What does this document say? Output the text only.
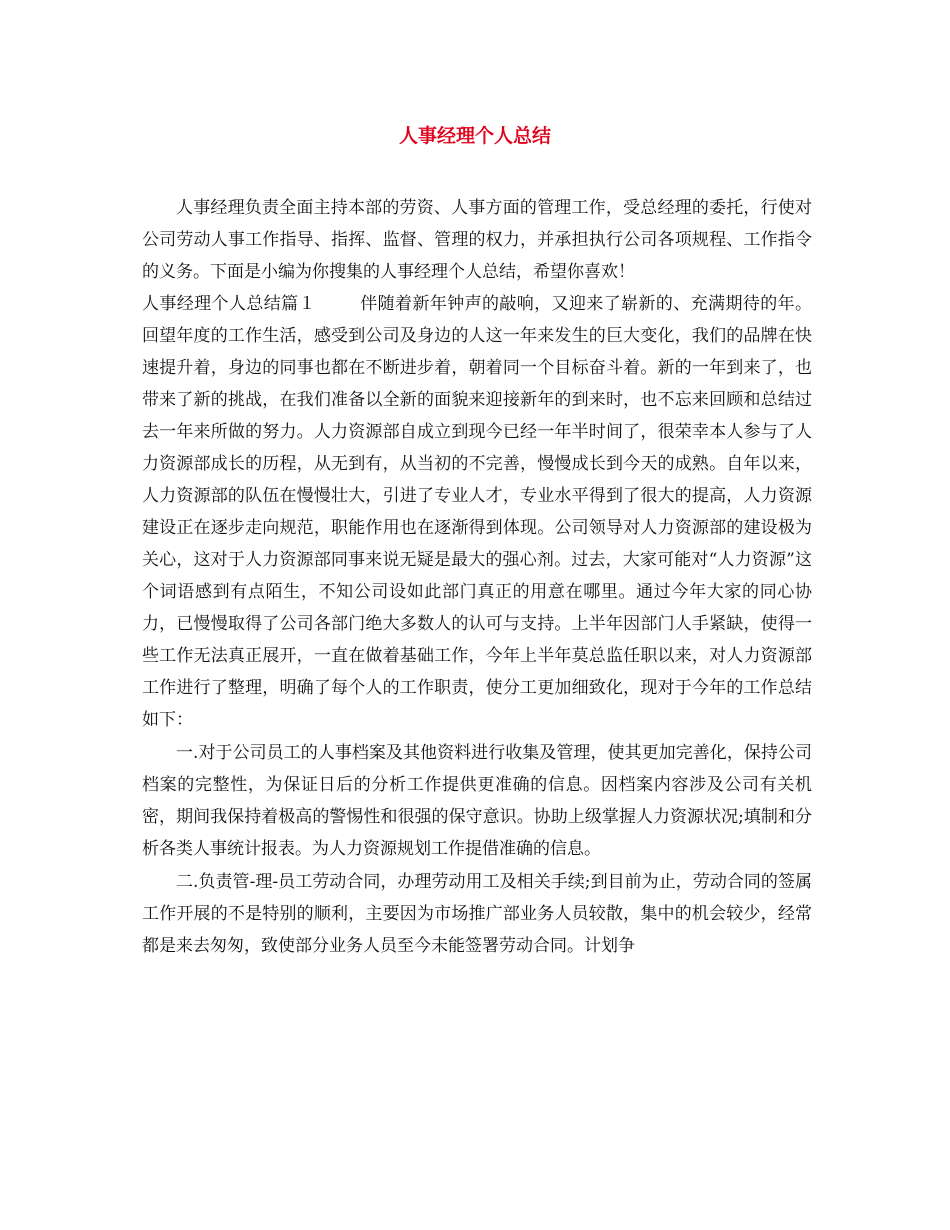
人事经理个人总结

人事经理负责全面主持本部的劳资、人事方面的管理工作，受总经理的委托，行使对公司劳动人事工作指导、指挥、监督、管理的权力，并承担执行公司各项规程、工作指令的义务。下面是小编为你搜集的人事经理个人总结，希望你喜欢！

人事经理个人总结篇１	伴随着新年钟声的敲响，又迎来了崭新的、充满期待的年。回望年度的工作生活，感受到公司及身边的人这一年来发生的巨大变化，我们的品牌在快速提升着，身边的同事也都在不断进步着，朝着同一个目标奋斗着。新的一年到来了，也带来了新的挑战，在我们准备以全新的面貌来迎接新年的到来时，也不忘来回顾和总结过去一年来所做的努力。人力资源部自成立到现今已经一年半时间了，很荣幸本人参与了人力资源部成长的历程，从无到有，从当初的不完善，慢慢成长到今天的成熟。自年以来，人力资源部的队伍在慢慢壮大，引进了专业人才，专业水平得到了很大的提高，人力资源建设正在逐步走向规范，职能作用也在逐渐得到体现。公司领导对人力资源部的建设极为关心，这对于人力资源部同事来说无疑是最大的强心剂。过去，大家可能对“人力资源”这个词语感到有点陌生，不知公司设如此部门真正的用意在哪里。通过今年大家的同心协力，已慢慢取得了公司各部门绝大多数人的认可与支持。上半年因部门人手紧缺，使得一些工作无法真正展开，一直在做着基础工作，今年上半年莫总监任职以来，对人力资源部工作进行了整理，明确了每个人的工作职责，使分工更加细致化，现对于今年的工作总结如下：

一.对于公司员工的人事档案及其他资料进行收集及管理，使其更加完善化，保持公司档案的完整性，为保证日后的分析工作提供更准确的信息。因档案内容涉及公司有关机密，期间我保持着极高的警惕性和很强的保守意识。协助上级掌握人力资源状况;填制和分析各类人事统计报表。为人力资源规划工作提借准确的信息。

二.负责管-理-员工劳动合同，办理劳动用工及相关手续;到目前为止，劳动合同的签属工作开展的不是特别的顺利，主要因为市场推广部业务人员较散，集中的机会较少，经常都是来去匆匆，致使部分业务人员至今未能签署劳动合同。计划争
